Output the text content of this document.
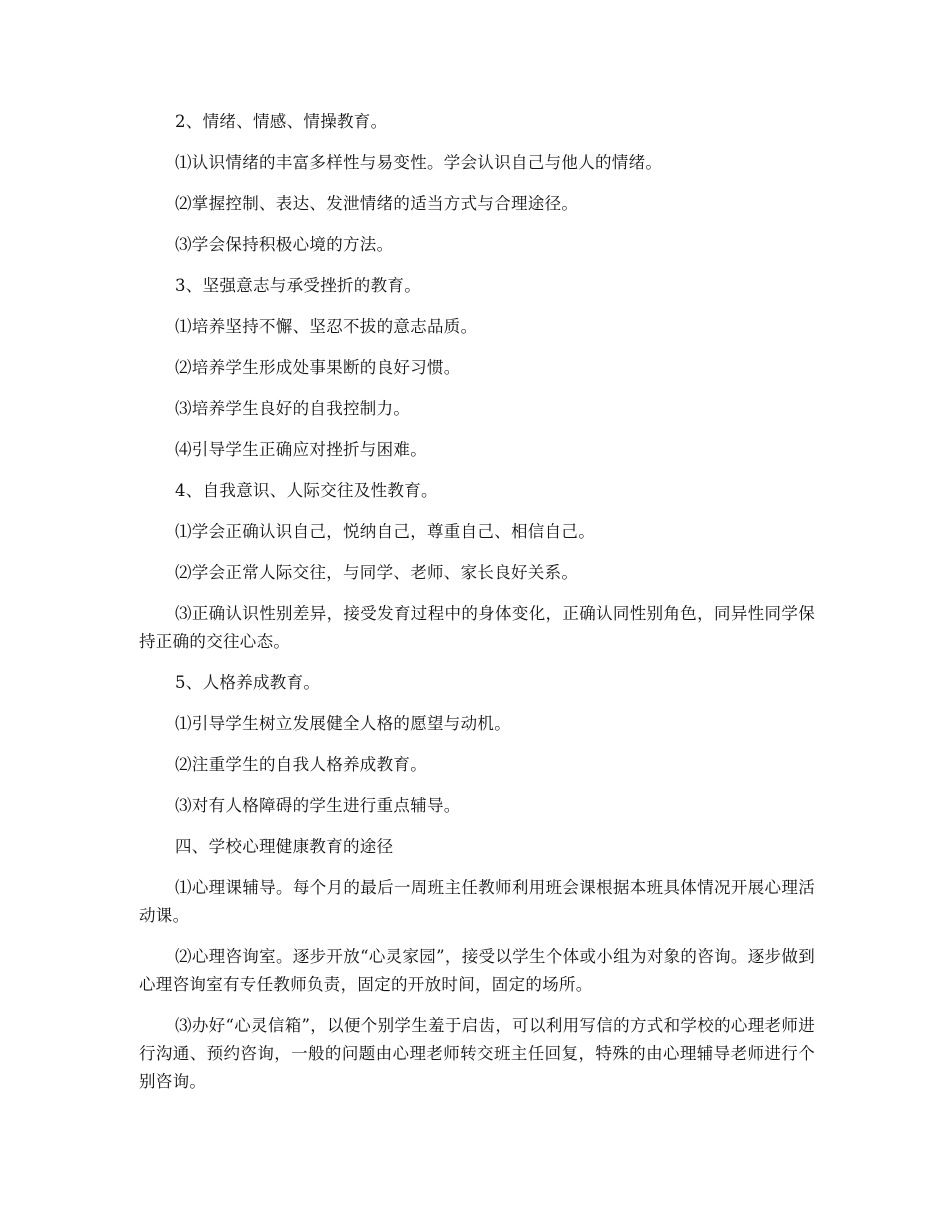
2、情绪、情感、情操教育。

⑴认识情绪的丰富多样性与易变性。学会认识自己与他人的情绪。

⑵掌握控制、表达、发泄情绪的适当方式与合理途径。

⑶学会保持积极心境的方法。

3、坚强意志与承受挫折的教育。

⑴培养坚持不懈、坚忍不拔的意志品质。

⑵培养学生形成处事果断的良好习惯。

⑶培养学生良好的自我控制力。

⑷引导学生正确应对挫折与困难。

4、自我意识、人际交往及性教育。

⑴学会正确认识自己，悦纳自己，尊重自己、相信自己。

⑵学会正常人际交往，与同学、老师、家长良好关系。

⑶正确认识性别差异，接受发育过程中的身体变化，正确认同性别角色，同异性同学保持正确的交往心态。

5、人格养成教育。

⑴引导学生树立发展健全人格的愿望与动机。

⑵注重学生的自我人格养成教育。

⑶对有人格障碍的学生进行重点辅导。

四、学校心理健康教育的途径

⑴心理课辅导。每个月的最后一周班主任教师利用班会课根据本班具体情况开展心理活动课。

⑵心理咨询室。逐步开放“心灵家园”，接受以学生个体或小组为对象的咨询。逐步做到心理咨询室有专任教师负责，固定的开放时间，固定的场所。

⑶办好“心灵信箱”，以便个别学生羞于启齿，可以利用写信的方式和学校的心理老师进行沟通、预约咨询，一般的问题由心理老师转交班主任回复，特殊的由心理辅导老师进行个别咨询。
